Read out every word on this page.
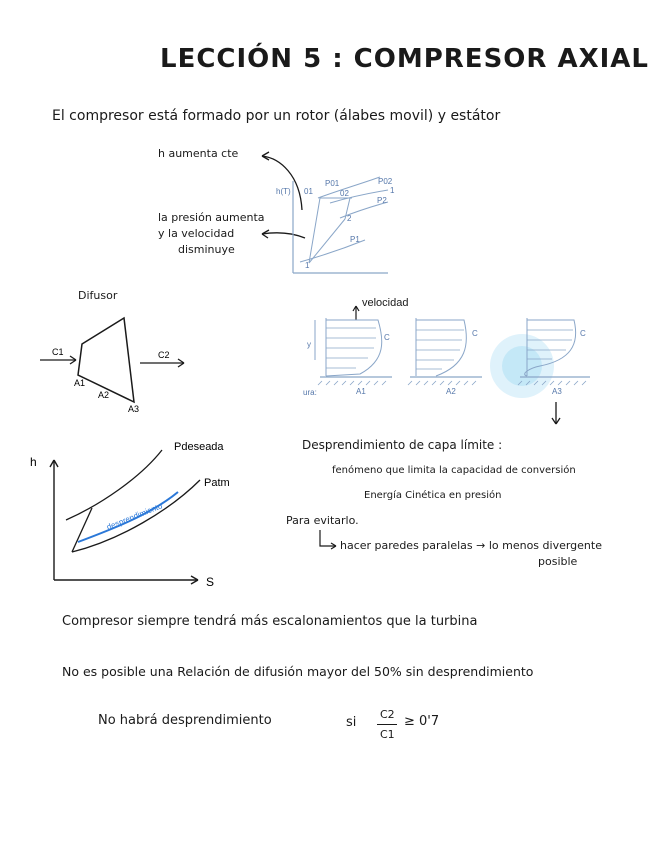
LECCIÓN 5 : COMPRESOR AXIAL
El compresor está formado por un rotor (álabes movil) y estátor
h aumenta cte
la presión aumenta
y la velocidad
disminuye
h(T) 01	02
P01	P02
1
P2
P1
2
1
Difusor
C1	C2
A1
A2
A3
velocidad
y
C
A1
ura:
C
A2
C
A3
h
S
Pdeseada
Patm
desprendimiento
Desprendimiento de capa límite :
fenómeno que limita la capacidad de conversión
Energía Cinética en presión
Para evitarlo.
hacer paredes paralelas → lo menos divergente
posible
Compresor siempre tendrá más escalonamientos que la turbina
No es posible una Relación de difusión mayor del 50% sin desprendimiento
No habrá desprendimiento	si
C2
C1
≥ 0'7
